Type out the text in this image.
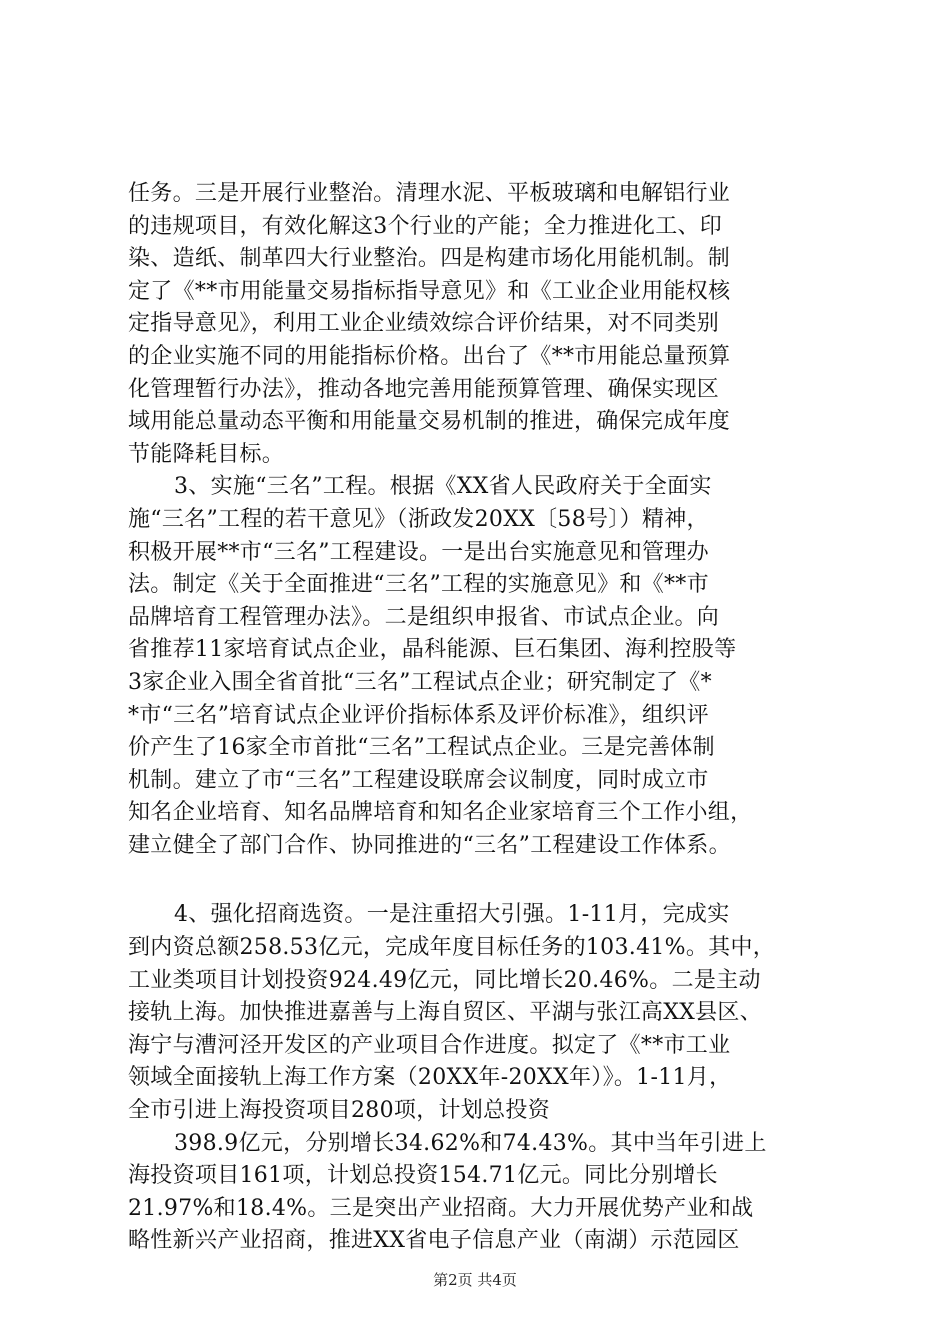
任务。三是开展行业整治。清理水泥、平板玻璃和电解铝行业
的违规项目，有效化解这3个行业的产能；全力推进化工、印
染、造纸、制革四大行业整治。四是构建市场化用能机制。制
定了《**市用能量交易指标指导意见》和《工业企业用能权核
定指导意见》，利用工业企业绩效综合评价结果，对不同类别
的企业实施不同的用能指标价格。出台了《**市用能总量预算
化管理暂行办法》，推动各地完善用能预算管理、确保实现区
域用能总量动态平衡和用能量交易机制的推进，确保完成年度
节能降耗目标。
3、实施“三名”工程。根据《XX省人民政府关于全面实
施“三名”工程的若干意见》（浙政发20XX〔58号〕）精神，
积极开展**市“三名”工程建设。一是出台实施意见和管理办
法。制定《关于全面推进“三名”工程的实施意见》和《**市
品牌培育工程管理办法》。二是组织申报省、市试点企业。向
省推荐11家培育试点企业，晶科能源、巨石集团、海利控股等
3家企业入围全省首批“三名”工程试点企业；研究制定了《*
*市“三名”培育试点企业评价指标体系及评价标准》，组织评
价产生了16家全市首批“三名”工程试点企业。三是完善体制
机制。建立了市“三名”工程建设联席会议制度，同时成立市
知名企业培育、知名品牌培育和知名企业家培育三个工作小组，
建立健全了部门合作、协同推进的“三名”工程建设工作体系。
4、强化招商选资。一是注重招大引强。1-11月，完成实
到内资总额258.53亿元，完成年度目标任务的103.41%。其中，
工业类项目计划投资924.49亿元，同比增长20.46%。二是主动
接轨上海。加快推进嘉善与上海自贸区、平湖与张江高XX县区、
海宁与漕河泾开发区的产业项目合作进度。拟定了《**市工业
领域全面接轨上海工作方案（20XX年-20XX年）》。1-11月，
全市引进上海投资项目280项，计划总投资
398.9亿元，分别增长34.62%和74.43%。其中当年引进上
海投资项目161项，计划总投资154.71亿元。同比分别增长
21.97%和18.4%。三是突出产业招商。大力开展优势产业和战
略性新兴产业招商，推进XX省电子信息产业（南湖）示范园区
第2页 共4页
